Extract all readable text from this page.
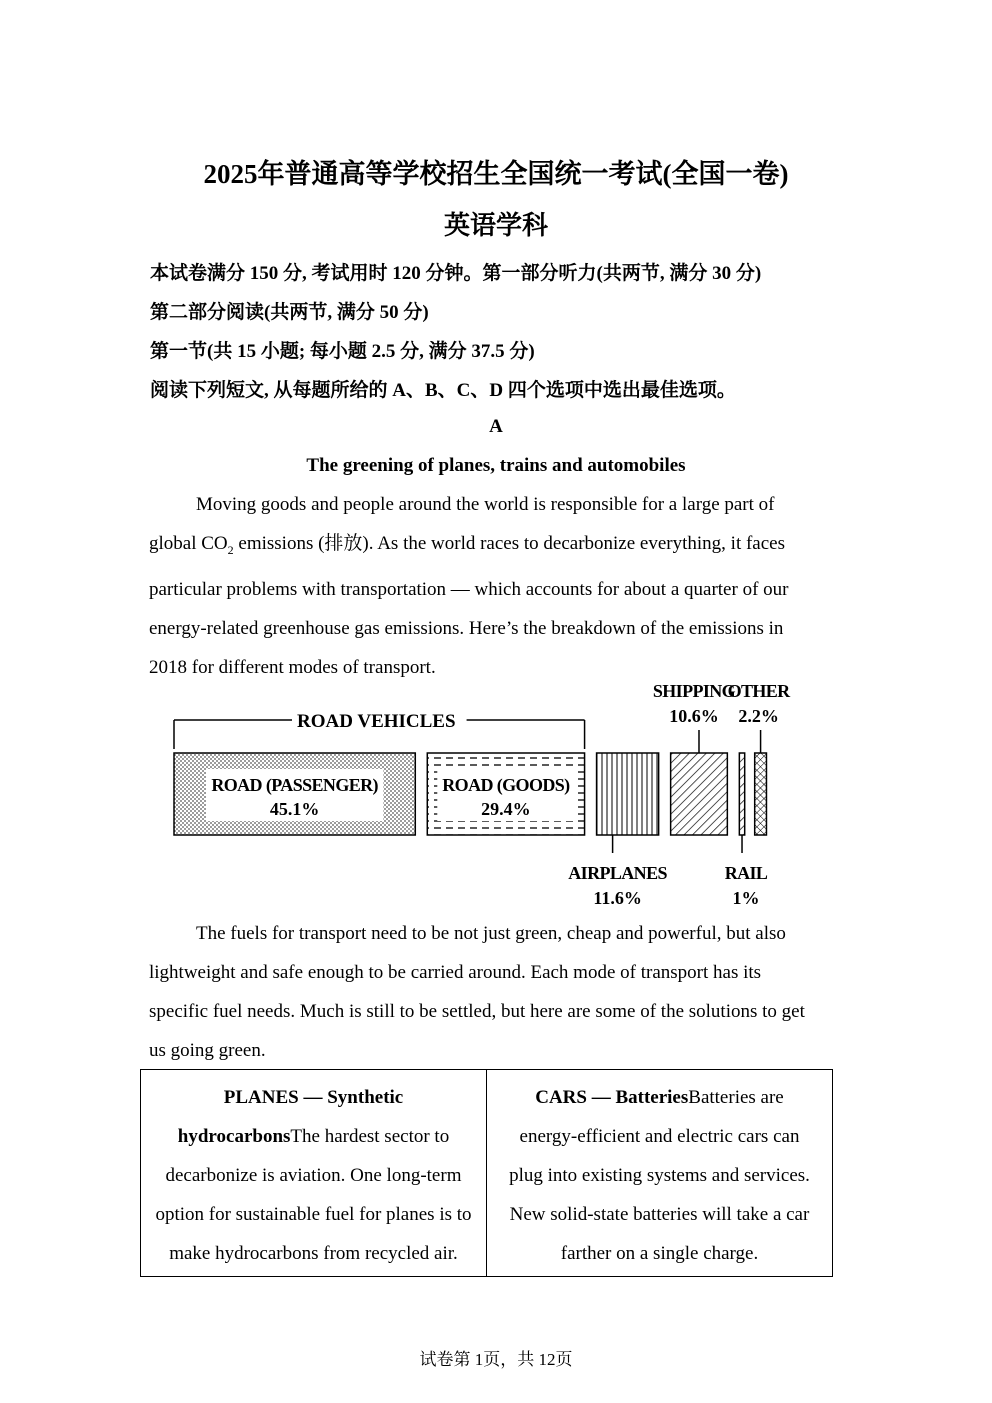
2025年普通高等学校招生全国统一考试(全国一卷)
英语学科
本试卷满分 150 分, 考试用时 120 分钟。第一部分听力(共两节, 满分 30 分)
第二部分阅读(共两节, 满分 50 分)
第一节(共 15 小题; 每小题 2.5 分, 满分 37.5 分)
阅读下列短文, 从每题所给的 A、B、C、D 四个选项中选出最佳选项。
A
The greening of planes, trains and automobiles
Moving goods and people around the world is responsible for a large part of
global $CO_2$ emissions (排放). As the world races to decarbonize everything, it faces
particular problems with transportation — which accounts for about a quarter of our
energy-related greenhouse gas emissions. Here’s the breakdown of the emissions in
2018 for different modes of transport.
ROAD (PASSENGER)
45.1%
ROAD (GOODS)
29.4%
ROAD VEHICLES
AIRPLANES
11.6%
SHIPPING
10.6%
RAIL
1%
OTHER
2.2%
The fuels for transport need to be not just green, cheap and powerful, but also
lightweight and safe enough to be carried around. Each mode of transport has its
specific fuel needs. Much is still to be settled, but here are some of the solutions to get
us going green.
PLANES — Synthetic
hydrocarbonsThe hardest sector to
decarbonize is aviation. One long-term
option for sustainable fuel for planes is to
make hydrocarbons from recycled air.
CARS — BatteriesBatteries are
energy-efficient and electric cars can
plug into existing systems and services.
New solid-state batteries will take a car
farther on a single charge.
试卷第 1页，共 12页
